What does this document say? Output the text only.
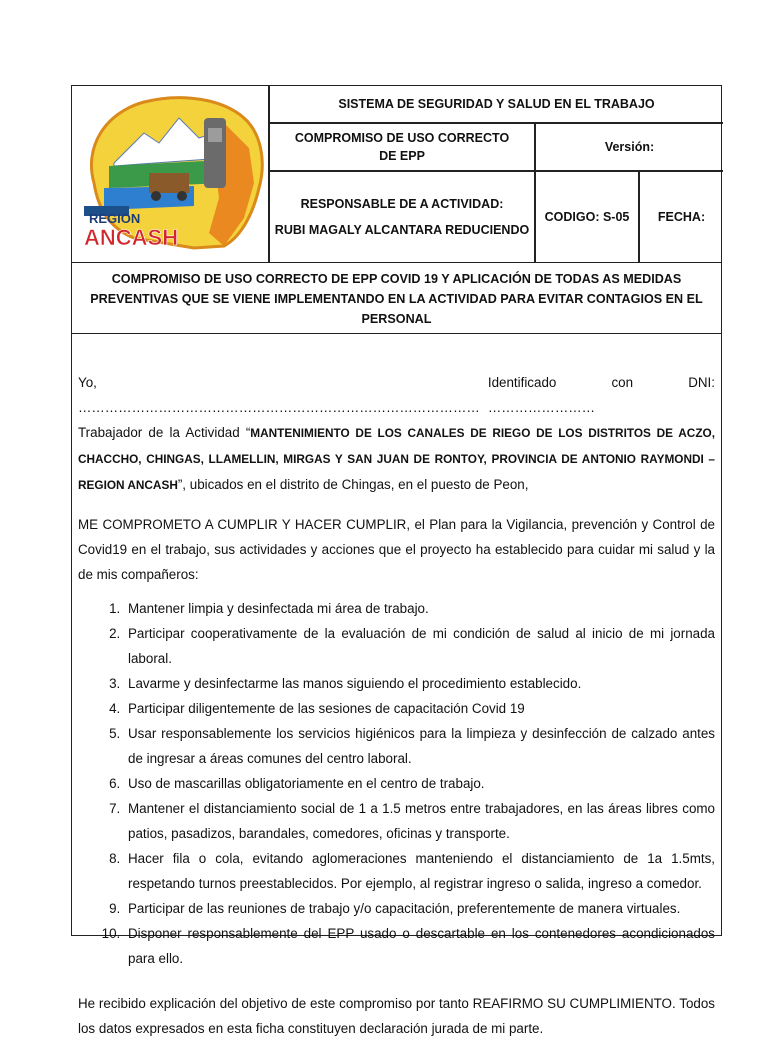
REGION
ANCASH
SISTEMA DE SEGURIDAD Y SALUD EN EL TRABAJO
COMPROMISO DE USO CORRECTO DE EPP
Versión:
RESPONSABLE DE A ACTIVIDAD:
RUBI MAGALY ALCANTARA REDUCIENDO
CODIGO: S-05	FECHA:
COMPROMISO DE USO CORRECTO DE EPP COVID 19 Y APLICACIÓN DE TODAS AS MEDIDAS PREVENTIVAS QUE SE VIENE IMPLEMENTANDO EN LA ACTIVIDAD PARA EVITAR CONTAGIOS EN EL PERSONAL
Yo, ………………………………………………………………………………
Identificado con DNI: ……………………
Trabajador de la Actividad “MANTENIMIENTO DE LOS CANALES DE RIEGO DE LOS DISTRITOS DE ACZO, CHACCHO, CHINGAS, LLAMELLIN, MIRGAS Y SAN JUAN DE RONTOY, PROVINCIA DE ANTONIO RAYMONDI – REGION ANCASH”, ubicados en el distrito de Chingas, en el puesto de Peon,
ME COMPROMETO A CUMPLIR Y HACER CUMPLIR, el Plan para la Vigilancia, prevención y Control de Covid19 en el trabajo, sus actividades y acciones que el proyecto ha establecido para cuidar mi salud y la de mis compañeros:
1. Mantener limpia y desinfectada mi área de trabajo.
2. Participar cooperativamente de la evaluación de mi condición de salud al inicio de mi jornada laboral.
3. Lavarme y desinfectarme las manos siguiendo el procedimiento establecido.
4. Participar diligentemente de las sesiones de capacitación Covid 19
5. Usar responsablemente los servicios higiénicos para la limpieza y desinfección de calzado antes de ingresar a áreas comunes del centro laboral.
6. Uso de mascarillas obligatoriamente en el centro de trabajo.
7. Mantener el distanciamiento social de 1 a 1.5 metros entre trabajadores, en las áreas libres como patios, pasadizos, barandales, comedores, oficinas y transporte.
8. Hacer fila o cola, evitando aglomeraciones manteniendo el distanciamiento de 1a 1.5mts, respetando turnos preestablecidos. Por ejemplo, al registrar ingreso o salida, ingreso a comedor.
9. Participar de las reuniones de trabajo y/o capacitación, preferentemente de manera virtuales.
10. Disponer responsablemente del EPP usado o descartable en los contenedores acondicionados para ello.
He recibido explicación del objetivo de este compromiso por tanto REAFIRMO SU CUMPLIMIENTO. Todos los datos expresados en esta ficha constituyen declaración jurada de mi parte.
